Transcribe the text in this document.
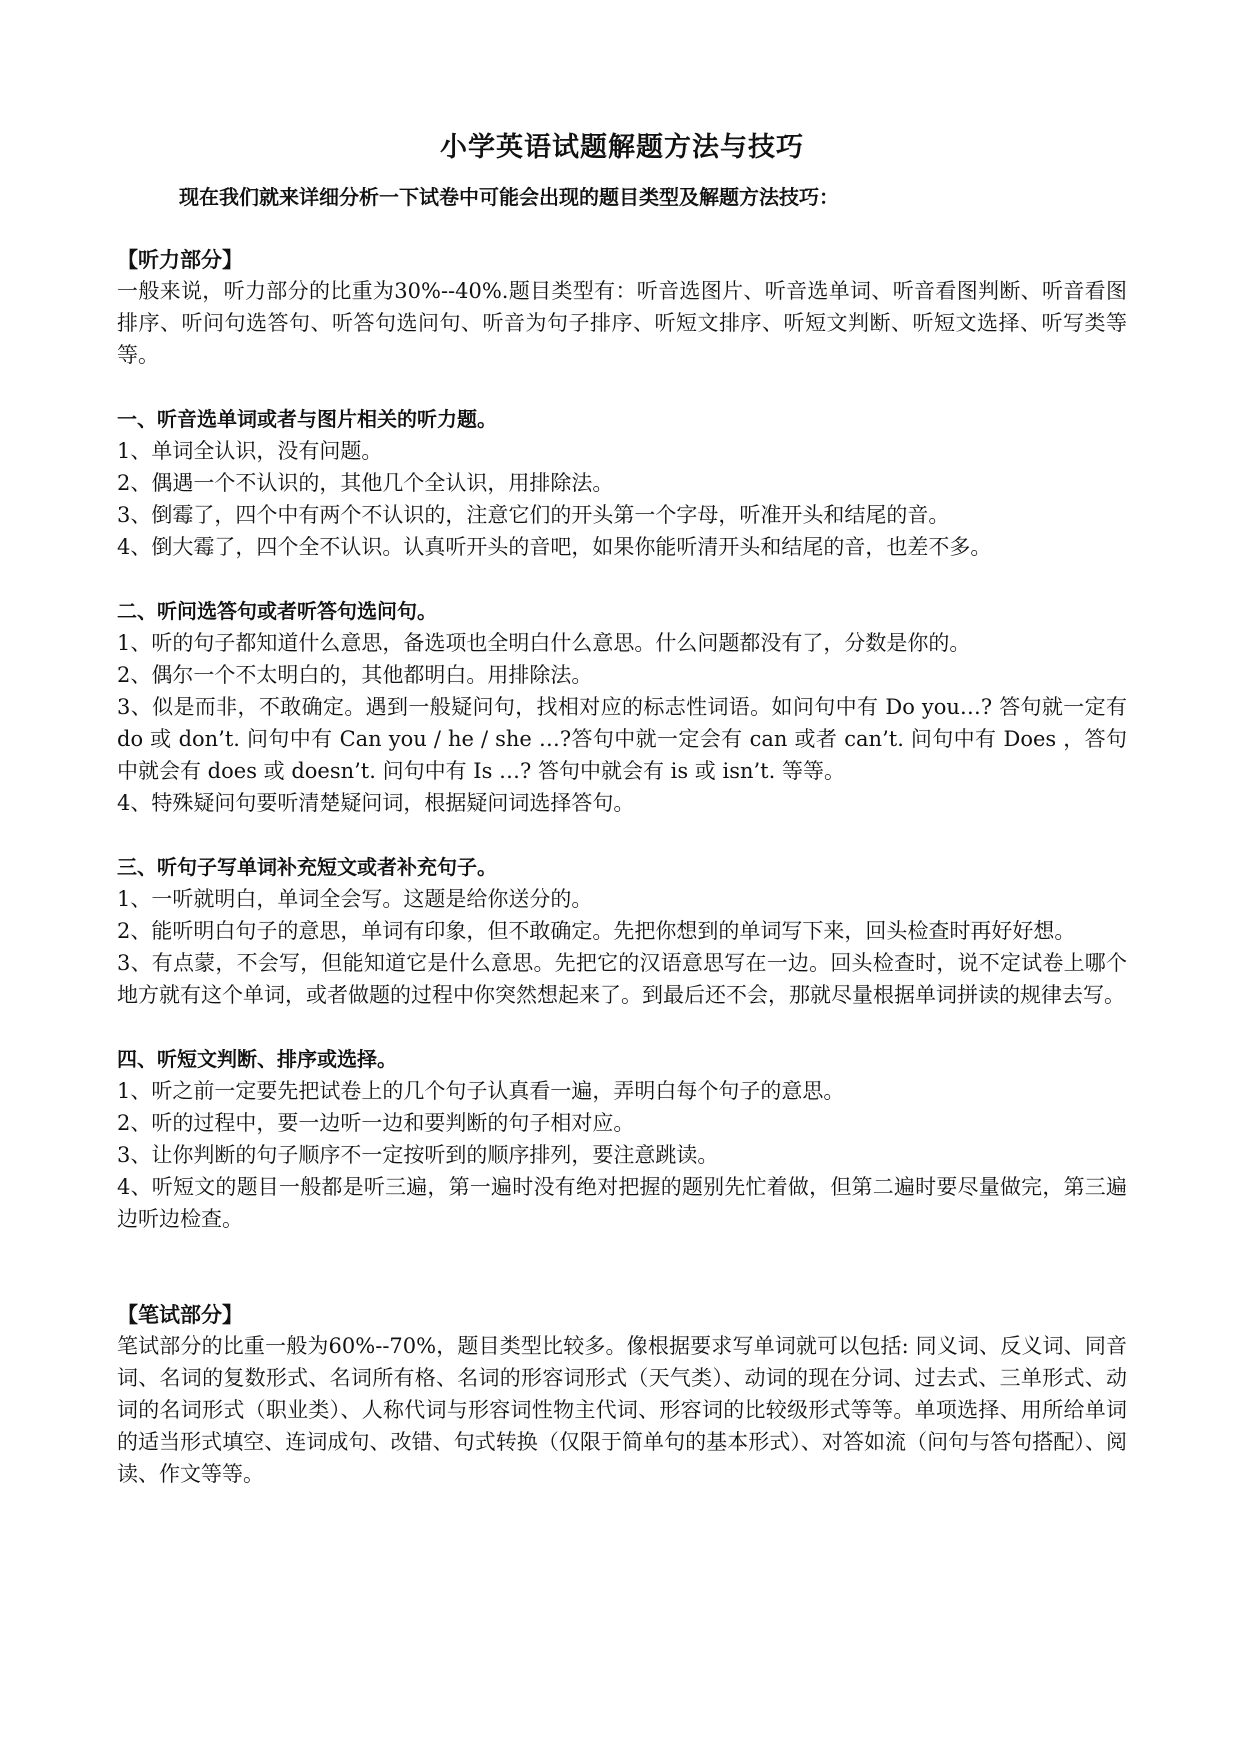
小学英语试题解题方法与技巧

现在我们就来详细分析一下试卷中可能会出现的题目类型及解题方法技巧：

【听力部分】

一般来说，听力部分的比重为30%--40%.题目类型有：听音选图片、听音选单词、听音看图判断、听音看图排序、听问句选答句、听答句选问句、听音为句子排序、听短文排序、听短文判断、听短文选择、听写类等等。

一、听音选单词或者与图片相关的听力题。

1、单词全认识，没有问题。

2、偶遇一个不认识的，其他几个全认识，用排除法。

3、倒霉了，四个中有两个不认识的，注意它们的开头第一个字母，听准开头和结尾的音。

4、倒大霉了，四个全不认识。认真听开头的音吧，如果你能听清开头和结尾的音，也差不多。

二、听问选答句或者听答句选问句。

1、听的句子都知道什么意思，备选项也全明白什么意思。什么问题都没有了，分数是你的。

2、偶尔一个不太明白的，其他都明白。用排除法。

3、似是而非，不敢确定。遇到一般疑问句，找相对应的标志性词语。如问句中有 Do you…? 答句就一定有 do 或 don’t. 问句中有 Can you / he / she …?答句中就一定会有 can 或者 can’t. 问句中有 Does ，答句中就会有 does 或 doesn’t. 问句中有 Is …? 答句中就会有 is 或 isn’t. 等等。

4、特殊疑问句要听清楚疑问词，根据疑问词选择答句。

三、听句子写单词补充短文或者补充句子。

1、一听就明白，单词全会写。这题是给你送分的。

2、能听明白句子的意思，单词有印象，但不敢确定。先把你想到的单词写下来，回头检查时再好好想。

3、有点蒙，不会写，但能知道它是什么意思。先把它的汉语意思写在一边。回头检查时，说不定试卷上哪个地方就有这个单词，或者做题的过程中你突然想起来了。到最后还不会，那就尽量根据单词拼读的规律去写。

四、听短文判断、排序或选择。

1、听之前一定要先把试卷上的几个句子认真看一遍，弄明白每个句子的意思。

2、听的过程中，要一边听一边和要判断的句子相对应。

3、让你判断的句子顺序不一定按听到的顺序排列，要注意跳读。

4、听短文的题目一般都是听三遍，第一遍时没有绝对把握的题别先忙着做，但第二遍时要尽量做完，第三遍边听边检查。

【笔试部分】

笔试部分的比重一般为60%--70%，题目类型比较多。像根据要求写单词就可以包括: 同义词、反义词、同音词、名词的复数形式、名词所有格、名词的形容词形式（天气类）、动词的现在分词、过去式、三单形式、动词的名词形式（职业类）、人称代词与形容词性物主代词、形容词的比较级形式等等。单项选择、用所给单词的适当形式填空、连词成句、改错、句式转换（仅限于简单句的基本形式）、对答如流（问句与答句搭配）、阅读、作文等等。
